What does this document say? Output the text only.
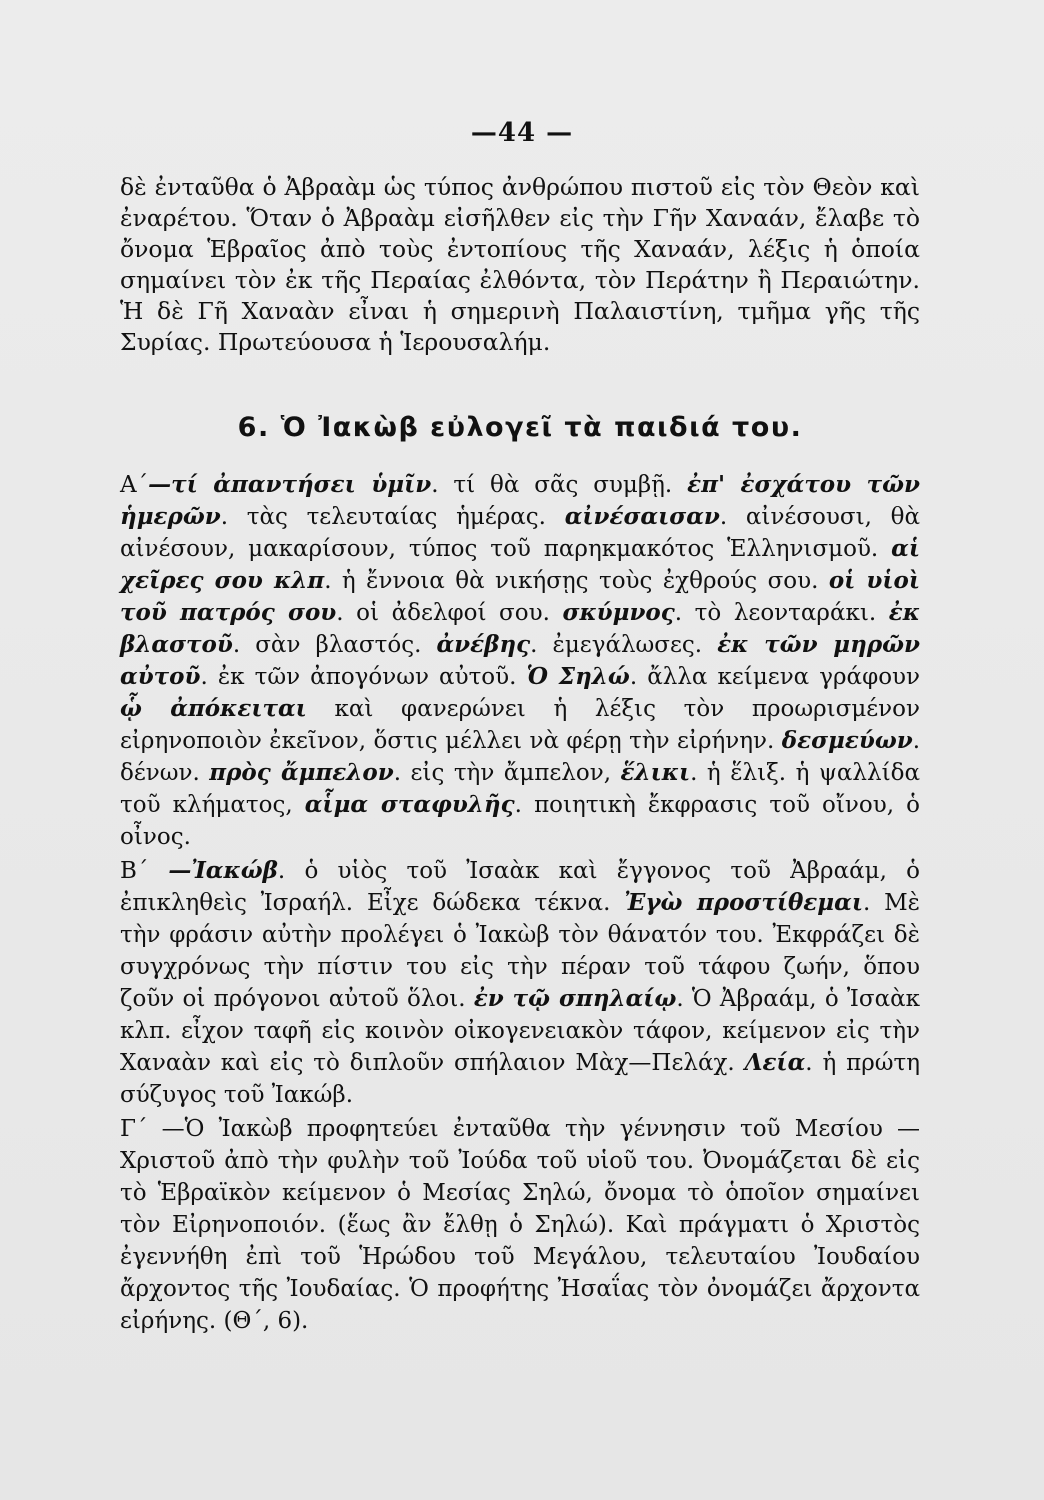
—44 —

δὲ ἐνταῦθα ὁ Ἀβραὰμ ὡς τύπος ἀνθρώπου πιστοῦ εἰς τὸν Θεὸν καὶ ἐναρέτου. Ὅταν ὁ Ἀβραὰμ εἰσῆλθεν εἰς τὴν Γῆν Χαναάν, ἔλαβε τὸ ὄνομα Ἑβραῖος ἀπὸ τοὺς ἐντοπίους τῆς Χαναάν, λέξις ἡ ὁποία σημαίνει τὸν ἐκ τῆς Περαίας ἐλθόντα, τὸν Περάτην ἢ Περαιώτην. Ἡ δὲ Γῆ Χαναὰν εἶναι ἡ σημερινὴ Παλαιστίνη, τμῆμα γῆς τῆς Συρίας. Πρωτεύουσα ἡ Ἱερουσαλήμ.

6. Ὁ Ἰακὼβ εὐλογεῖ τὰ παιδιά του.

Α΄—τί ἀπαντήσει ὑμῖν. τί θὰ σᾶς συμβῇ. ἐπ' ἐσχάτου τῶν ἡμερῶν. τὰς τελευταίας ἡμέρας. αἰνέσαισαν. αἰνέσουσι, θὰ αἰνέσουν, μακαρίσουν, τύπος τοῦ παρηκμακότος Ἑλληνισμοῦ. αἱ χεῖρες σου κλπ. ἡ ἔννοια θὰ νικήσῃς τοὺς ἐχθρούς σου. οἱ υἱοὶ τοῦ πατρός σου. οἱ ἀδελφοί σου. σκύμνος. τὸ λεονταράκι. ἐκ βλαστοῦ. σὰν βλαστός. ἀνέβης. ἐμεγάλωσες. ἐκ τῶν μηρῶν αὐτοῦ. ἐκ τῶν ἀπογόνων αὐτοῦ. Ὁ Σηλώ. ἄλλα κείμενα γράφουν ᾧ ἀπόκειται καὶ φανερώνει ἡ λέξις τὸν προωρισμένον εἰρηνοποιὸν ἐκεῖνον, ὅστις μέλλει νὰ φέρῃ τὴν εἰρήνην. δεσμεύων. δένων. πρὸς ἄμπελον. εἰς τὴν ἄμπελον, ἕλικι. ἡ ἕλιξ. ἡ ψαλλίδα τοῦ κλήματος, αἷμα σταφυλῆς. ποιητικὴ ἔκφρασις τοῦ οἴνου, ὁ οἶνος.

Β΄ —Ἰακώβ. ὁ υἱὸς τοῦ Ἰσαὰκ καὶ ἔγγονος τοῦ Ἀβραάμ, ὁ ἐπικληθεὶς Ἰσραήλ. Εἶχε δώδεκα τέκνα. Ἐγὼ προστίθεμαι. Μὲ τὴν φράσιν αὐτὴν προλέγει ὁ Ἰακὼβ τὸν θάνατόν του. Ἐκφράζει δὲ συγχρόνως τὴν πίστιν του εἰς τὴν πέραν τοῦ τάφου ζωήν, ὅπου ζοῦν οἱ πρόγονοι αὐτοῦ ὅλοι. ἐν τῷ σπηλαίῳ. Ὁ Ἀβραάμ, ὁ Ἰσαὰκ κλπ. εἶχον ταφῆ εἰς κοινὸν οἰκογενειακὸν τάφον, κείμενον εἰς τὴν Χαναὰν καὶ εἰς τὸ διπλοῦν σπήλαιον Μὰχ—Πελάχ. Λεία. ἡ πρώτη σύζυγος τοῦ Ἰακώβ.

Γ΄ —Ὁ Ἰακὼβ προφητεύει ἐνταῦθα τὴν γέννησιν τοῦ Μεσίου —Χριστοῦ ἀπὸ τὴν φυλὴν τοῦ Ἰούδα τοῦ υἱοῦ του. Ὀνομάζεται δὲ εἰς τὸ Ἑβραϊκὸν κείμενον ὁ Μεσίας Σηλώ, ὄνομα τὸ ὁποῖον σημαίνει τὸν Εἰρηνοποιόν. (ἕως ἂν ἔλθῃ ὁ Σηλώ). Καὶ πράγματι ὁ Χριστὸς ἐγεννήθη ἐπὶ τοῦ Ἡρώδου τοῦ Μεγάλου, τελευταίου Ἰουδαίου ἄρχοντος τῆς Ἰουδαίας. Ὁ προφήτης Ἠσαΐας τὸν ὀνομάζει ἄρχοντα εἰρήνης. (Θ΄, 6).
